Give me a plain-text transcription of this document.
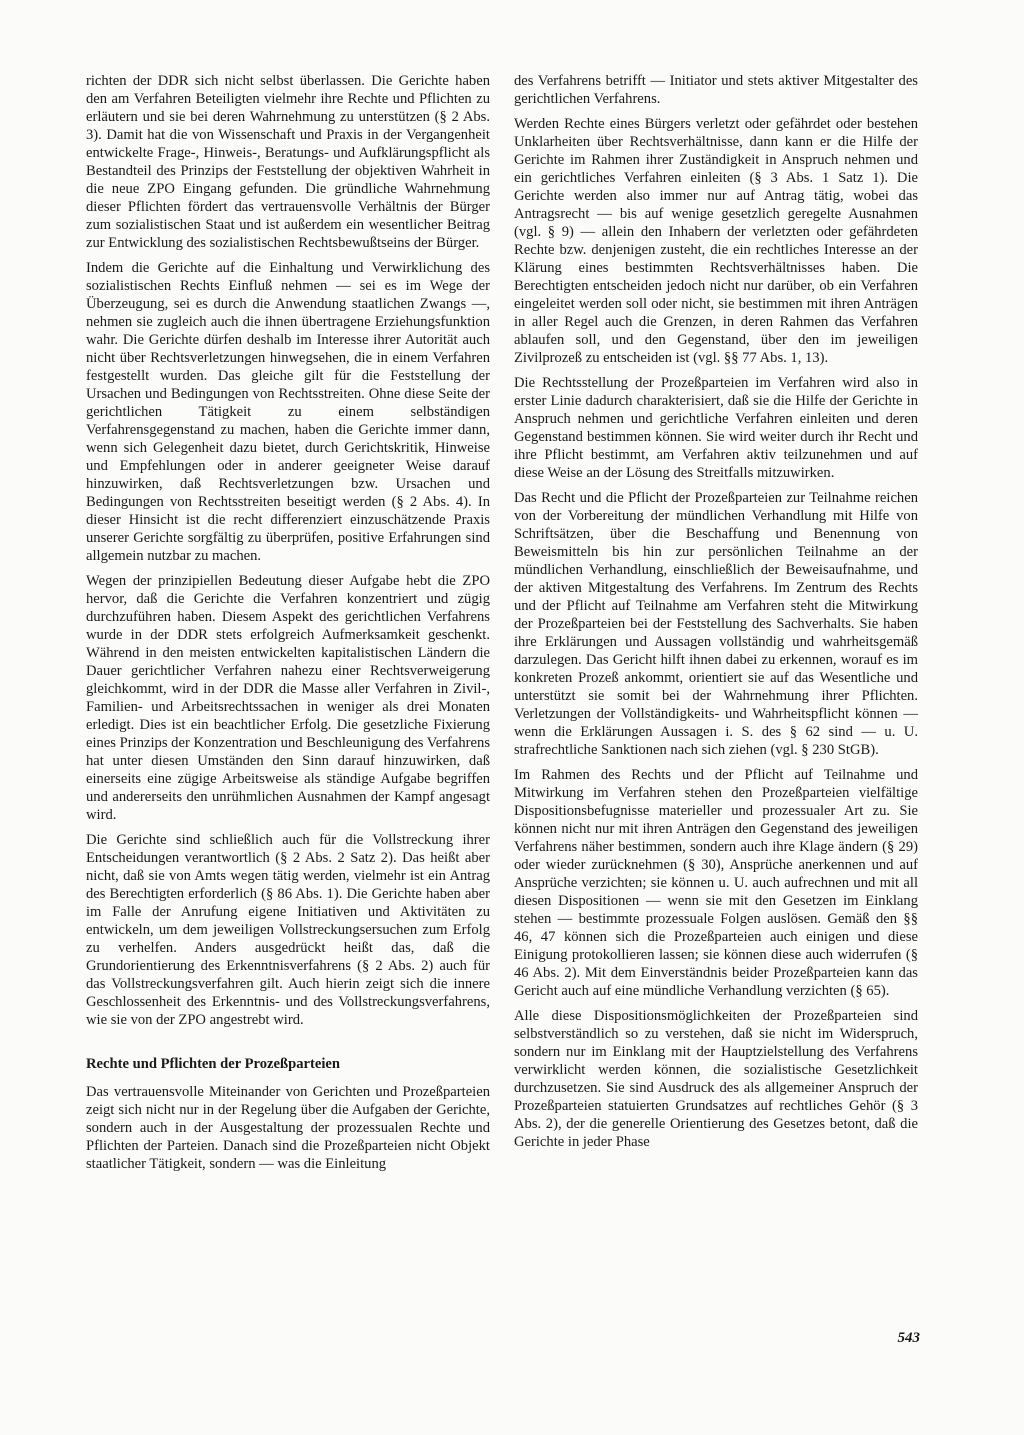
richten der DDR sich nicht selbst überlassen. Die Gerichte haben den am Verfahren Beteiligten vielmehr ihre Rechte und Pflichten zu erläutern und sie bei deren Wahrnehmung zu unterstützen (§ 2 Abs. 3). Damit hat die von Wissenschaft und Praxis in der Vergangenheit entwickelte Frage-, Hinweis-, Beratungs- und Aufklärungspflicht als Bestandteil des Prinzips der Feststellung der objektiven Wahrheit in die neue ZPO Eingang gefunden. Die gründliche Wahrnehmung dieser Pflichten fördert das vertrauensvolle Verhältnis der Bürger zum sozialistischen Staat und ist außerdem ein wesentlicher Beitrag zur Entwicklung des sozialistischen Rechtsbewußtseins der Bürger.

Indem die Gerichte auf die Einhaltung und Verwirklichung des sozialistischen Rechts Einfluß nehmen — sei es im Wege der Überzeugung, sei es durch die Anwendung staatlichen Zwangs —, nehmen sie zugleich auch die ihnen übertragene Erziehungsfunktion wahr. Die Gerichte dürfen deshalb im Interesse ihrer Autorität auch nicht über Rechtsverletzungen hinwegsehen, die in einem Verfahren festgestellt wurden. Das gleiche gilt für die Feststellung der Ursachen und Bedingungen von Rechtsstreiten. Ohne diese Seite der gerichtlichen Tätigkeit zu einem selbständigen Verfahrensgegenstand zu machen, haben die Gerichte immer dann, wenn sich Gelegenheit dazu bietet, durch Gerichtskritik, Hinweise und Empfehlungen oder in anderer geeigneter Weise darauf hinzuwirken, daß Rechtsverletzungen bzw. Ursachen und Bedingungen von Rechtsstreiten beseitigt werden (§ 2 Abs. 4). In dieser Hinsicht ist die recht differenziert einzuschätzende Praxis unserer Gerichte sorgfältig zu überprüfen, positive Erfahrungen sind allgemein nutzbar zu machen.

Wegen der prinzipiellen Bedeutung dieser Aufgabe hebt die ZPO hervor, daß die Gerichte die Verfahren konzentriert und zügig durchzuführen haben. Diesem Aspekt des gerichtlichen Verfahrens wurde in der DDR stets erfolgreich Aufmerksamkeit geschenkt. Während in den meisten entwickelten kapitalistischen Ländern die Dauer gerichtlicher Verfahren nahezu einer Rechtsverweigerung gleichkommt, wird in der DDR die Masse aller Verfahren in Zivil-, Familien- und Arbeitsrechtssachen in weniger als drei Monaten erledigt. Dies ist ein beachtlicher Erfolg. Die gesetzliche Fixierung eines Prinzips der Konzentration und Beschleunigung des Verfahrens hat unter diesen Umständen den Sinn darauf hinzuwirken, daß einerseits eine zügige Arbeitsweise als ständige Aufgabe begriffen und andererseits den unrühmlichen Ausnahmen der Kampf angesagt wird.

Die Gerichte sind schließlich auch für die Vollstreckung ihrer Entscheidungen verantwortlich (§ 2 Abs. 2 Satz 2). Das heißt aber nicht, daß sie von Amts wegen tätig werden, vielmehr ist ein Antrag des Berechtigten erforderlich (§ 86 Abs. 1). Die Gerichte haben aber im Falle der Anrufung eigene Initiativen und Aktivitäten zu entwickeln, um dem jeweiligen Vollstreckungsersuchen zum Erfolg zu verhelfen. Anders ausgedrückt heißt das, daß die Grundorientierung des Erkenntnisverfahrens (§ 2 Abs. 2) auch für das Vollstreckungsverfahren gilt. Auch hierin zeigt sich die innere Geschlossenheit des Erkenntnis- und des Vollstreckungsverfahrens, wie sie von der ZPO angestrebt wird.

Rechte und Pflichten der Prozeßparteien

Das vertrauensvolle Miteinander von Gerichten und Prozeßparteien zeigt sich nicht nur in der Regelung über die Aufgaben der Gerichte, sondern auch in der Ausgestaltung der prozessualen Rechte und Pflichten der Parteien. Danach sind die Prozeßparteien nicht Objekt staatlicher Tätigkeit, sondern — was die Einleitung

des Verfahrens betrifft — Initiator und stets aktiver Mitgestalter des gerichtlichen Verfahrens.

Werden Rechte eines Bürgers verletzt oder gefährdet oder bestehen Unklarheiten über Rechtsverhältnisse, dann kann er die Hilfe der Gerichte im Rahmen ihrer Zuständigkeit in Anspruch nehmen und ein gerichtliches Verfahren einleiten (§ 3 Abs. 1 Satz 1). Die Gerichte werden also immer nur auf Antrag tätig, wobei das Antragsrecht — bis auf wenige gesetzlich geregelte Ausnahmen (vgl. § 9) — allein den Inhabern der verletzten oder gefährdeten Rechte bzw. denjenigen zusteht, die ein rechtliches Interesse an der Klärung eines bestimmten Rechtsverhältnisses haben. Die Berechtigten entscheiden jedoch nicht nur darüber, ob ein Verfahren eingeleitet werden soll oder nicht, sie bestimmen mit ihren Anträgen in aller Regel auch die Grenzen, in deren Rahmen das Verfahren ablaufen soll, und den Gegenstand, über den im jeweiligen Zivilprozeß zu entscheiden ist (vgl. §§ 77 Abs. 1, 13).

Die Rechtsstellung der Prozeßparteien im Verfahren wird also in erster Linie dadurch charakterisiert, daß sie die Hilfe der Gerichte in Anspruch nehmen und gerichtliche Verfahren einleiten und deren Gegenstand bestimmen können. Sie wird weiter durch ihr Recht und ihre Pflicht bestimmt, am Verfahren aktiv teilzunehmen und auf diese Weise an der Lösung des Streitfalls mitzuwirken.

Das Recht und die Pflicht der Prozeßparteien zur Teilnahme reichen von der Vorbereitung der mündlichen Verhandlung mit Hilfe von Schriftsätzen, über die Beschaffung und Benennung von Beweismitteln bis hin zur persönlichen Teilnahme an der mündlichen Verhandlung, einschließlich der Beweisaufnahme, und der aktiven Mitgestaltung des Verfahrens. Im Zentrum des Rechts und der Pflicht auf Teilnahme am Verfahren steht die Mitwirkung der Prozeßparteien bei der Feststellung des Sachverhalts. Sie haben ihre Erklärungen und Aussagen vollständig und wahrheitsgemäß darzulegen. Das Gericht hilft ihnen dabei zu erkennen, worauf es im konkreten Prozeß ankommt, orientiert sie auf das Wesentliche und unterstützt sie somit bei der Wahrnehmung ihrer Pflichten. Verletzungen der Vollständigkeits- und Wahrheitspflicht können — wenn die Erklärungen Aussagen i. S. des § 62 sind — u. U. strafrechtliche Sanktionen nach sich ziehen (vgl. § 230 StGB).

Im Rahmen des Rechts und der Pflicht auf Teilnahme und Mitwirkung im Verfahren stehen den Prozeßparteien vielfältige Dispositionsbefugnisse materieller und prozessualer Art zu. Sie können nicht nur mit ihren Anträgen den Gegenstand des jeweiligen Verfahrens näher bestimmen, sondern auch ihre Klage ändern (§ 29) oder wieder zurücknehmen (§ 30), Ansprüche anerkennen und auf Ansprüche verzichten; sie können u. U. auch aufrechnen und mit all diesen Dispositionen — wenn sie mit den Gesetzen im Einklang stehen — bestimmte prozessuale Folgen auslösen. Gemäß den §§ 46, 47 können sich die Prozeßparteien auch einigen und diese Einigung protokollieren lassen; sie können diese auch widerrufen (§ 46 Abs. 2). Mit dem Einverständnis beider Prozeßparteien kann das Gericht auch auf eine mündliche Verhandlung verzichten (§ 65).

Alle diese Dispositionsmöglichkeiten der Prozeßparteien sind selbstverständlich so zu verstehen, daß sie nicht im Widerspruch, sondern nur im Einklang mit der Hauptzielstellung des Verfahrens verwirklicht werden können, die sozialistische Gesetzlichkeit durchzusetzen. Sie sind Ausdruck des als allgemeiner Anspruch der Prozeßparteien statuierten Grundsatzes auf rechtliches Gehör (§ 3 Abs. 2), der die generelle Orientierung des Gesetzes betont, daß die Gerichte in jeder Phase

543
